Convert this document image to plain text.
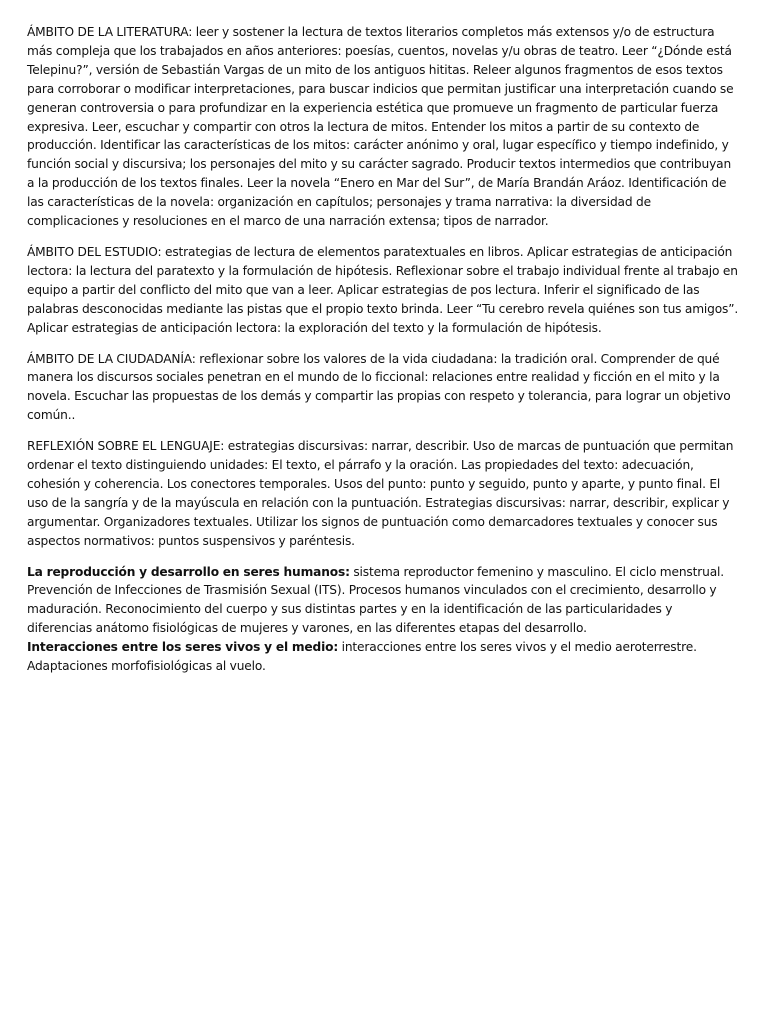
ÁMBITO DE LA LITERATURA: leer y sostener la lectura de textos literarios completos más extensos y/o de estructura más compleja que los trabajados en años anteriores: poesías, cuentos, novelas y/u obras de teatro. Leer “¿Dónde está Telepinu?”, versión de Sebastián Vargas de un mito de los antiguos hititas. Releer algunos fragmentos de esos textos para corroborar o modificar interpretaciones, para buscar indicios que permitan justificar una interpretación cuando se generan controversia o para profundizar en la experiencia estética que promueve un fragmento de particular fuerza expresiva. Leer, escuchar y compartir con otros la lectura de mitos. Entender los mitos a partir de su contexto de producción. Identificar las características de los mitos: carácter anónimo y oral, lugar específico y tiempo indefinido, y función social y discursiva; los personajes del mito y su carácter sagrado. Producir textos intermedios que contribuyan a la producción de los textos finales. Leer la novela “Enero en Mar del Sur”, de María Brandán Aráoz. Identificación de las características de la novela: organización en capítulos; personajes y trama narrativa: la diversidad de complicaciones y resoluciones en el marco de una narración extensa; tipos de narrador.

ÁMBITO DEL ESTUDIO: estrategias de lectura de elementos paratextuales en libros. Aplicar estrategias de anticipación lectora: la lectura del paratexto y la formulación de hipótesis. Reflexionar sobre el trabajo individual frente al trabajo en equipo a partir del conflicto del mito que van a leer. Aplicar estrategias de pos lectura. Inferir el significado de las palabras desconocidas mediante las pistas que el propio texto brinda. Leer “Tu cerebro revela quiénes son tus amigos”. Aplicar estrategias de anticipación lectora: la exploración del texto y la formulación de hipótesis.

ÁMBITO DE LA CIUDADANÍA: reflexionar sobre los valores de la vida ciudadana: la tradición oral. Comprender de qué manera los discursos sociales penetran en el mundo de lo ficcional: relaciones entre realidad y ficción en el mito y la novela. Escuchar las propuestas de los demás y compartir las propias con respeto y tolerancia, para lograr un objetivo común..

REFLEXIÓN SOBRE EL LENGUAJE: estrategias discursivas: narrar, describir. Uso de marcas de puntuación que permitan ordenar el texto distinguiendo unidades: El texto, el párrafo y la oración. Las propiedades del texto: adecuación, cohesión y coherencia. Los conectores temporales. Usos del punto: punto y seguido, punto y aparte, y punto final. El uso de la sangría y de la mayúscula en relación con la puntuación. Estrategias discursivas: narrar, describir, explicar y argumentar. Organizadores textuales. Utilizar los signos de puntuación como demarcadores textuales y conocer sus aspectos normativos: puntos suspensivos y paréntesis.

La reproducción y desarrollo en seres humanos: sistema reproductor femenino y masculino. El ciclo menstrual. Prevención de Infecciones de Trasmisión Sexual (ITS). Procesos humanos vinculados con el crecimiento, desarrollo y maduración. Reconocimiento del cuerpo y sus distintas partes y en la identificación de las particularidades y diferencias anátomo fisiológicas de mujeres y varones, en las diferentes etapas del desarrollo.

Interacciones entre los seres vivos y el medio: interacciones entre los seres vivos y el medio aeroterrestre. Adaptaciones morfofisiológicas al vuelo.
